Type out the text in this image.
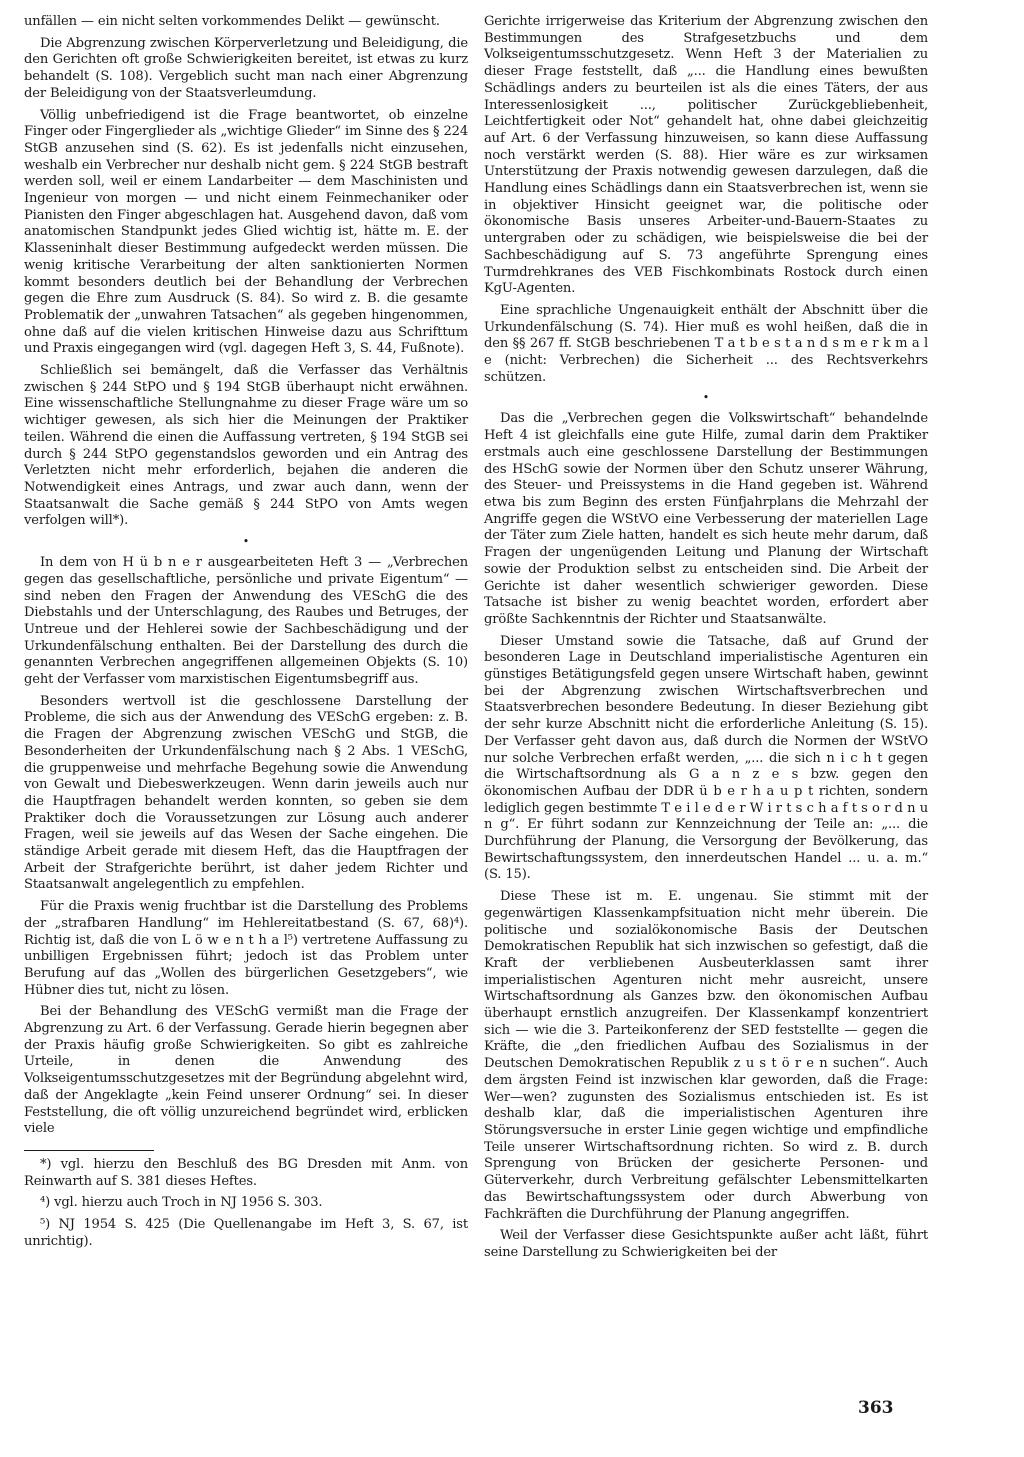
unfällen — ein nicht selten vorkommendes Delikt — gewünscht.

Die Abgrenzung zwischen Körperverletzung und Beleidigung, die den Gerichten oft große Schwierigkeiten bereitet, ist etwas zu kurz behandelt (S. 108). Vergeblich sucht man nach einer Abgrenzung der Beleidigung von der Staatsverleumdung.

Völlig unbefriedigend ist die Frage beantwortet, ob einzelne Finger oder Fingerglieder als „wichtige Glieder“ im Sinne des § 224 StGB anzusehen sind (S. 62). Es ist jedenfalls nicht einzusehen, weshalb ein Verbrecher nur deshalb nicht gem. § 224 StGB bestraft werden soll, weil er einem Landarbeiter — dem Maschinisten und Ingenieur von morgen — und nicht einem Feinmechaniker oder Pianisten den Finger abgeschlagen hat. Ausgehend davon, daß vom anatomischen Standpunkt jedes Glied wichtig ist, hätte m. E. der Klasseninhalt dieser Bestimmung aufgedeckt werden müssen. Die wenig kritische Verarbeitung der alten sanktionierten Normen kommt besonders deutlich bei der Behandlung der Verbrechen gegen die Ehre zum Ausdruck (S. 84). So wird z. B. die gesamte Problematik der „unwahren Tatsachen“ als gegeben hingenommen, ohne daß auf die vielen kritischen Hinweise dazu aus Schrifttum und Praxis eingegangen wird (vgl. dagegen Heft 3, S. 44, Fußnote).

Schließlich sei bemängelt, daß die Verfasser das Verhältnis zwischen § 244 StPO und § 194 StGB überhaupt nicht erwähnen. Eine wissenschaftliche Stellungnahme zu dieser Frage wäre um so wichtiger gewesen, als sich hier die Meinungen der Praktiker teilen. Während die einen die Auffassung vertreten, § 194 StGB sei durch § 244 StPO gegenstandslos geworden und ein Antrag des Verletzten nicht mehr erforderlich, bejahen die anderen die Notwendigkeit eines Antrags, und zwar auch dann, wenn der Staatsanwalt die Sache gemäß § 244 StPO von Amts wegen verfolgen will*).

•

In dem von H ü b n e r ausgearbeiteten Heft 3 — „Verbrechen gegen das gesellschaftliche, persönliche und private Eigentum“ — sind neben den Fragen der Anwendung des VESchG die des Diebstahls und der Unterschlagung, des Raubes und Betruges, der Untreue und der Hehlerei sowie der Sachbeschädigung und der Urkundenfälschung enthalten. Bei der Darstellung des durch die genannten Verbrechen angegriffenen allgemeinen Objekts (S. 10) geht der Verfasser vom marxistischen Eigentumsbegriff aus.

Besonders wertvoll ist die geschlossene Darstellung der Probleme, die sich aus der Anwendung des VESchG ergeben: z. B. die Fragen der Abgrenzung zwischen VESchG und StGB, die Besonderheiten der Urkundenfälschung nach § 2 Abs. 1 VESchG, die gruppenweise und mehrfache Begehung sowie die Anwendung von Gewalt und Diebeswerkzeugen. Wenn darin jeweils auch nur die Hauptfragen behandelt werden konnten, so geben sie dem Praktiker doch die Voraussetzungen zur Lösung auch anderer Fragen, weil sie jeweils auf das Wesen der Sache eingehen. Die ständige Arbeit gerade mit diesem Heft, das die Hauptfragen der Arbeit der Strafgerichte berührt, ist daher jedem Richter und Staatsanwalt angelegentlich zu empfehlen.

Für die Praxis wenig fruchtbar ist die Darstellung des Problems der „strafbaren Handlung“ im Hehlereitatbestand (S. 67, 68)⁴). Richtig ist, daß die von L ö w e n t h a l⁵) vertretene Auffassung zu unbilligen Ergebnissen führt; jedoch ist das Problem unter Berufung auf das „Wollen des bürgerlichen Gesetzgebers“, wie Hübner dies tut, nicht zu lösen.

Bei der Behandlung des VESchG vermißt man die Frage der Abgrenzung zu Art. 6 der Verfassung. Gerade hierin begegnen aber der Praxis häufig große Schwierigkeiten. So gibt es zahlreiche Urteile, in denen die Anwendung des Volkseigentumsschutzgesetzes mit der Begründung abgelehnt wird, daß der Angeklagte „kein Feind unserer Ordnung“ sei. In dieser Feststellung, die oft völlig unzureichend begründet wird, erblicken viele

*) vgl. hierzu den Beschluß des BG Dresden mit Anm. von Reinwarth auf S. 381 dieses Heftes.

⁴) vgl. hierzu auch Troch in NJ 1956 S. 303.

⁵) NJ 1954 S. 425 (Die Quellenangabe im Heft 3, S. 67, ist unrichtig).

Gerichte irrigerweise das Kriterium der Abgrenzung zwischen den Bestimmungen des Strafgesetzbuchs und dem Volkseigentumsschutzgesetz. Wenn Heft 3 der Materialien zu dieser Frage feststellt, daß „... die Handlung eines bewußten Schädlings anders zu beurteilen ist als die eines Täters, der aus Interessenlosigkeit ..., politischer Zurückgebliebenheit, Leichtfertigkeit oder Not“ gehandelt hat, ohne dabei gleichzeitig auf Art. 6 der Verfassung hinzuweisen, so kann diese Auffassung noch verstärkt werden (S. 88). Hier wäre es zur wirksamen Unterstützung der Praxis notwendig gewesen darzulegen, daß die Handlung eines Schädlings dann ein Staatsverbrechen ist, wenn sie in objektiver Hinsicht geeignet war, die politische oder ökonomische Basis unseres Arbeiter-und-Bauern-Staates zu untergraben oder zu schädigen, wie beispielsweise die bei der Sachbeschädigung auf S. 73 angeführte Sprengung eines Turmdrehkranes des VEB Fischkombinats Rostock durch einen KgU-Agenten.

Eine sprachliche Ungenauigkeit enthält der Abschnitt über die Urkundenfälschung (S. 74). Hier muß es wohl heißen, daß die in den §§ 267 ff. StGB beschriebenen T a t b e s t a n d s m e r k m a l e (nicht: Verbrechen) die Sicherheit ... des Rechtsverkehrs schützen.

•

Das die „Verbrechen gegen die Volkswirtschaft“ behandelnde Heft 4 ist gleichfalls eine gute Hilfe, zumal darin dem Praktiker erstmals auch eine geschlossene Darstellung der Bestimmungen des HSchG sowie der Normen über den Schutz unserer Währung, des Steuer- und Preissystems in die Hand gegeben ist. Während etwa bis zum Beginn des ersten Fünfjahrplans die Mehrzahl der Angriffe gegen die WStVO eine Verbesserung der materiellen Lage der Täter zum Ziele hatten, handelt es sich heute mehr darum, daß Fragen der ungenügenden Leitung und Planung der Wirtschaft sowie der Produktion selbst zu entscheiden sind. Die Arbeit der Gerichte ist daher wesentlich schwieriger geworden. Diese Tatsache ist bisher zu wenig beachtet worden, erfordert aber größte Sachkenntnis der Richter und Staatsanwälte.

Dieser Umstand sowie die Tatsache, daß auf Grund der besonderen Lage in Deutschland imperialistische Agenturen ein günstiges Betätigungsfeld gegen unsere Wirtschaft haben, gewinnt bei der Abgrenzung zwischen Wirtschaftsverbrechen und Staatsverbrechen besondere Bedeutung. In dieser Beziehung gibt der sehr kurze Abschnitt nicht die erforderliche Anleitung (S. 15). Der Verfasser geht davon aus, daß durch die Normen der WStVO nur solche Verbrechen erfaßt werden, „... die sich n i c h t gegen die Wirtschaftsordnung als G a n z e s bzw. gegen den ökonomischen Aufbau der DDR ü b e r h a u p t richten, sondern lediglich gegen bestimmte T e i l e d e r W i r t s c h a f t s o r d n u n g“. Er führt sodann zur Kennzeichnung der Teile an: „... die Durchführung der Planung, die Versorgung der Bevölkerung, das Bewirtschaftungssystem, den innerdeutschen Handel ... u. a. m.“ (S. 15).

Diese These ist m. E. ungenau. Sie stimmt mit der gegenwärtigen Klassenkampfsituation nicht mehr überein. Die politische und sozialökonomische Basis der Deutschen Demokratischen Republik hat sich inzwischen so gefestigt, daß die Kraft der verbliebenen Ausbeuterklassen samt ihrer imperialistischen Agenturen nicht mehr ausreicht, unsere Wirtschaftsordnung als Ganzes bzw. den ökonomischen Aufbau überhaupt ernstlich anzugreifen. Der Klassenkampf konzentriert sich — wie die 3. Parteikonferenz der SED feststellte — gegen die Kräfte, die „den friedlichen Aufbau des Sozialismus in der Deutschen Demokratischen Republik z u s t ö r e n suchen“. Auch dem ärgsten Feind ist inzwischen klar geworden, daß die Frage: Wer—wen? zugunsten des Sozialismus entschieden ist. Es ist deshalb klar, daß die imperialistischen Agenturen ihre Störungsversuche in erster Linie gegen wichtige und empfindliche Teile unserer Wirtschaftsordnung richten. So wird z. B. durch Sprengung von Brücken der gesicherte Personen- und Güterverkehr, durch Verbreitung gefälschter Lebensmittelkarten das Bewirtschaftungssystem oder durch Abwerbung von Fachkräften die Durchführung der Planung angegriffen.

Weil der Verfasser diese Gesichtspunkte außer acht läßt, führt seine Darstellung zu Schwierigkeiten bei der

363
